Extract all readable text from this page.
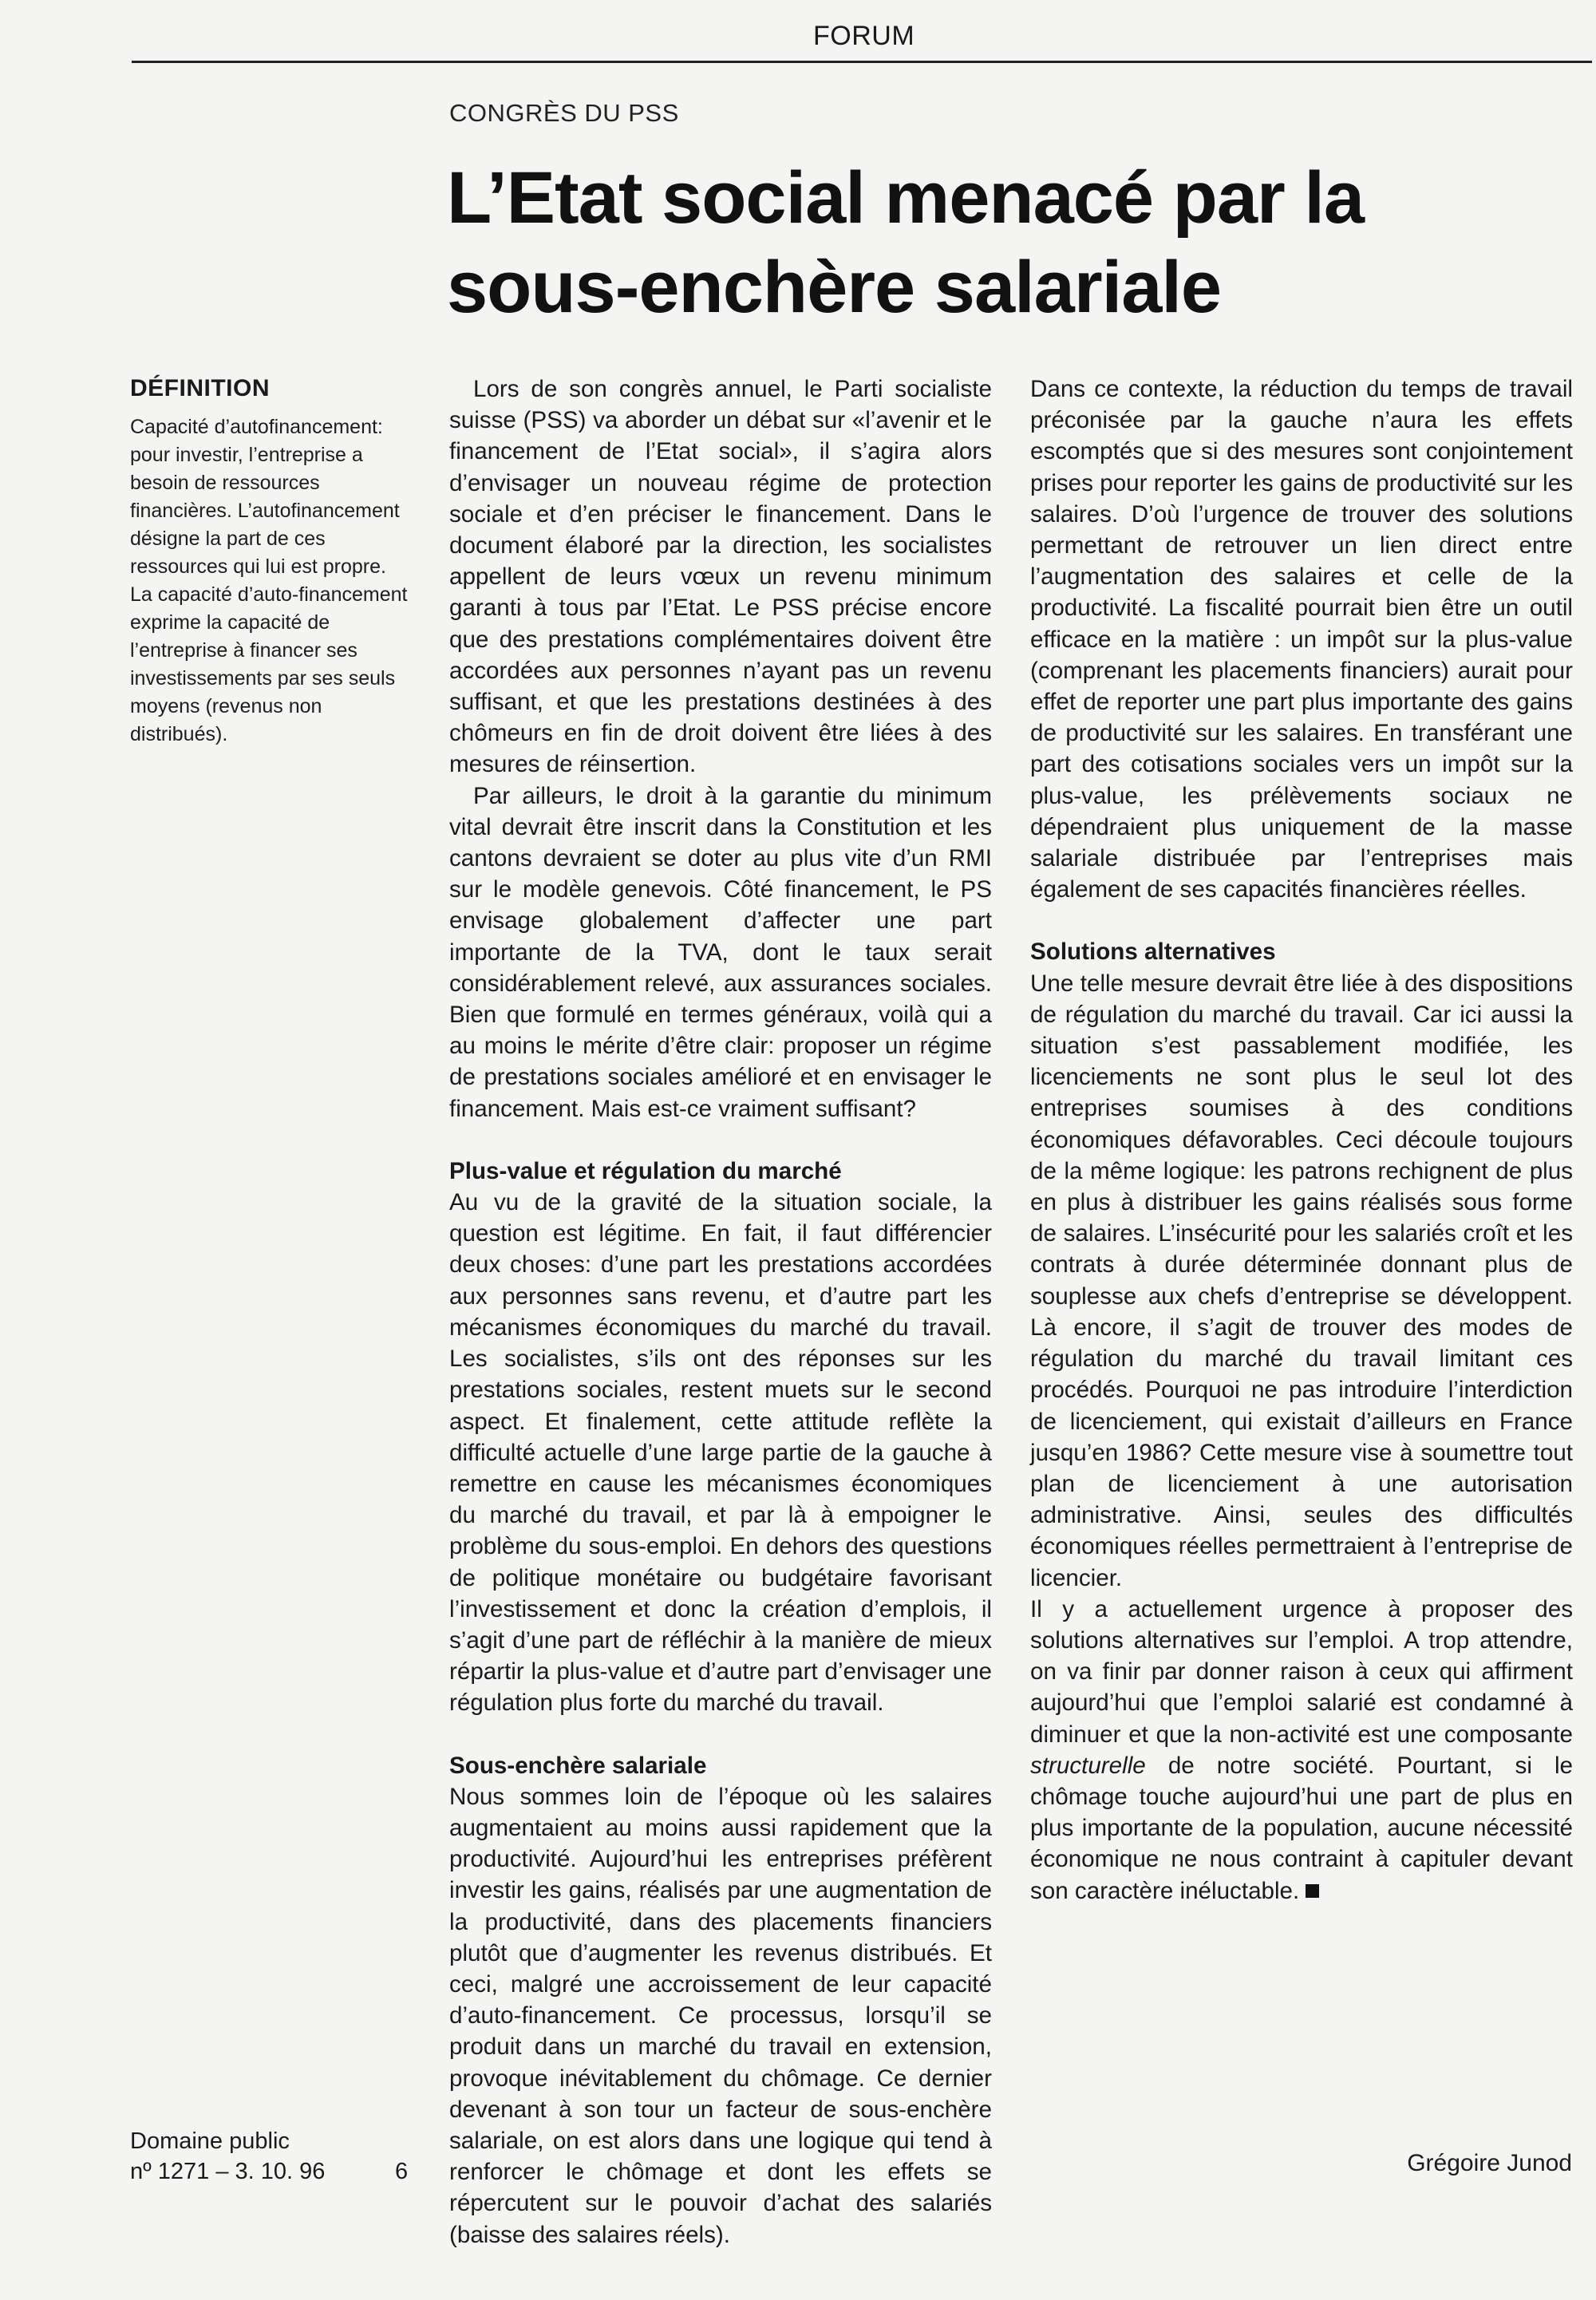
FORUM
CONGRÈS DU PSS
L’Etat social menacé par la sous-enchère salariale
DÉFINITION

Capacité d’autofinancement:
pour investir, l’entreprise a besoin de ressources financières. L’autofinancement désigne la part de ces ressources qui lui est propre. La capacité d’auto-financement exprime la capacité de l’entreprise à financer ses investissements par ses seuls moyens (revenus non distribués).

Domaine public
nº 1271 – 3. 10. 96	6

Lors de son congrès annuel, le Parti socialiste suisse (PSS) va aborder un débat sur «l’avenir et le financement de l’Etat social», il s’agira alors d’envisager un nouveau régime de protection sociale et d’en préciser le financement. Dans le document élaboré par la direction, les socialistes appellent de leurs vœux un revenu minimum garanti à tous par l’Etat. Le PSS précise encore que des prestations complémentaires doivent être accordées aux personnes n’ayant pas un revenu suffisant, et que les prestations destinées à des chômeurs en fin de droit doivent être liées à des mesures de réinsertion.

Par ailleurs, le droit à la garantie du minimum vital devrait être inscrit dans la Constitution et les cantons devraient se doter au plus vite d’un RMI sur le modèle genevois. Côté financement, le PS envisage globalement d’affecter une part importante de la TVA, dont le taux serait considérablement relevé, aux assurances sociales. Bien que formulé en termes généraux, voilà qui a au moins le mérite d’être clair: proposer un régime de prestations sociales amélioré et en envisager le financement. Mais est-ce vraiment suffisant?

Plus-value et régulation du marché

Au vu de la gravité de la situation sociale, la question est légitime. En fait, il faut différencier deux choses: d’une part les prestations accordées aux personnes sans revenu, et d’autre part les mécanismes économiques du marché du travail. Les socialistes, s’ils ont des réponses sur les prestations sociales, restent muets sur le second aspect. Et finalement, cette attitude reflète la difficulté actuelle d’une large partie de la gauche à remettre en cause les mécanismes économiques du marché du travail, et par là à empoigner le problème du sous-emploi. En dehors des questions de politique monétaire ou budgétaire favorisant l’investissement et donc la création d’emplois, il s’agit d’une part de réfléchir à la manière de mieux répartir la plus-value et d’autre part d’envisager une régulation plus forte du marché du travail.

Sous-enchère salariale

Nous sommes loin de l’époque où les salaires augmentaient au moins aussi rapidement que la productivité. Aujourd’hui les entreprises préfèrent investir les gains, réalisés par une augmentation de la productivité, dans des placements financiers plutôt que d’augmenter les revenus distribués. Et ceci, malgré une accroissement de leur capacité d’auto-financement. Ce processus, lorsqu’il se produit dans un marché du travail en extension, provoque inévitablement du chômage. Ce dernier devenant à son tour un facteur de sous-enchère salariale, on est alors dans une logique qui tend à renforcer le chômage et dont les effets se répercutent sur le pouvoir d’achat des salariés (baisse des salaires réels).

Dans ce contexte, la réduction du temps de travail préconisée par la gauche n’aura les effets escomptés que si des mesures sont conjointement prises pour reporter les gains de productivité sur les salaires. D’où l’urgence de trouver des solutions permettant de retrouver un lien direct entre l’augmentation des salaires et celle de la productivité. La fiscalité pourrait bien être un outil efficace en la matière : un impôt sur la plus-value (comprenant les placements financiers) aurait pour effet de reporter une part plus importante des gains de productivité sur les salaires. En transférant une part des cotisations sociales vers un impôt sur la plus-value, les prélèvements sociaux ne dépendraient plus uniquement de la masse salariale distribuée par l’entreprises mais également de ses capacités financières réelles.

Solutions alternatives

Une telle mesure devrait être liée à des dispositions de régulation du marché du travail. Car ici aussi la situation s’est passablement modifiée, les licenciements ne sont plus le seul lot des entreprises soumises à des conditions économiques défavorables. Ceci découle toujours de la même logique: les patrons rechignent de plus en plus à distribuer les gains réalisés sous forme de salaires. L’insécurité pour les salariés croît et les contrats à durée déterminée donnant plus de souplesse aux chefs d’entreprise se développent. Là encore, il s’agit de trouver des modes de régulation du marché du travail limitant ces procédés. Pourquoi ne pas introduire l’interdiction de licenciement, qui existait d’ailleurs en France jusqu’en 1986? Cette mesure vise à soumettre tout plan de licenciement à une autorisation administrative. Ainsi, seules des difficultés économiques réelles permettraient à l’entreprise de licencier.

Il y a actuellement urgence à proposer des solutions alternatives sur l’emploi. A trop attendre, on va finir par donner raison à ceux qui affirment aujourd’hui que l’emploi salarié est condamné à diminuer et que la non-activité est une composante structurelle de notre société. Pourtant, si le chômage touche aujourd’hui une part de plus en plus importante de la population, aucune nécessité économique ne nous contraint à capituler devant son caractère inéluctable.

Grégoire Junod
